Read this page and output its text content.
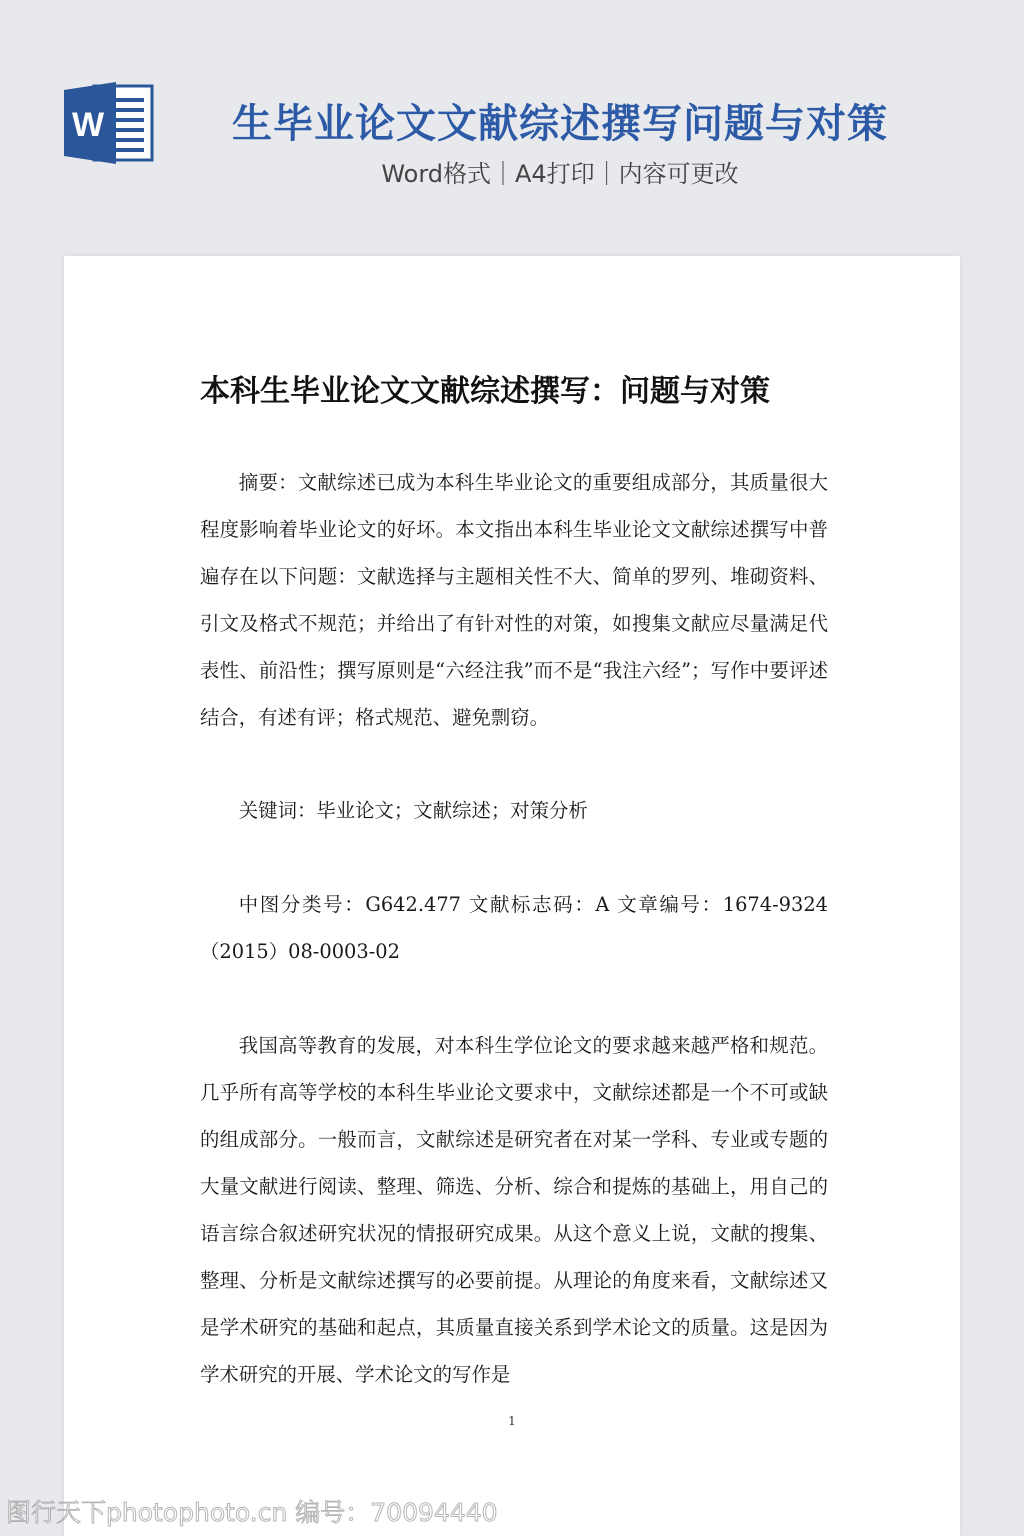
W	生毕业论文文献综述撰写问题与对策
Word格式｜A4打印｜内容可更改
本科生毕业论文文献综述撰写：问题与对策

摘要：文献综述已成为本科生毕业论文的重要组成部分，其质量很大程度影响着毕业论文的好坏。本文指出本科生毕业论文文献综述撰写中普遍存在以下问题：文献选择与主题相关性不大、简单的罗列、堆砌资料、引文及格式不规范；并给出了有针对性的对策，如搜集文献应尽量满足代表性、前沿性；撰写原则是“六经注我”而不是“我注六经”；写作中要评述结合，有述有评；格式规范、避免剽窃。

关键词：毕业论文；文献综述；对策分析

中图分类号：G642.477 文献标志码：A 文章编号：1674-9324（2015）08-0003-02

我国高等教育的发展，对本科生学位论文的要求越来越严格和规范。几乎所有高等学校的本科生毕业论文要求中，文献综述都是一个不可或缺的组成部分。一般而言，文献综述是研究者在对某一学科、专业或专题的大量文献进行阅读、整理、筛选、分析、综合和提炼的基础上，用自己的语言综合叙述研究状况的情报研究成果。从这个意义上说，文献的搜集、整理、分析是文献综述撰写的必要前提。从理论的角度来看，文献综述又是学术研究的基础和起点，其质量直接关系到学术论文的质量。这是因为学术研究的开展、学术论文的写作是

1
图行天下photophoto.cn 编号：70094440
